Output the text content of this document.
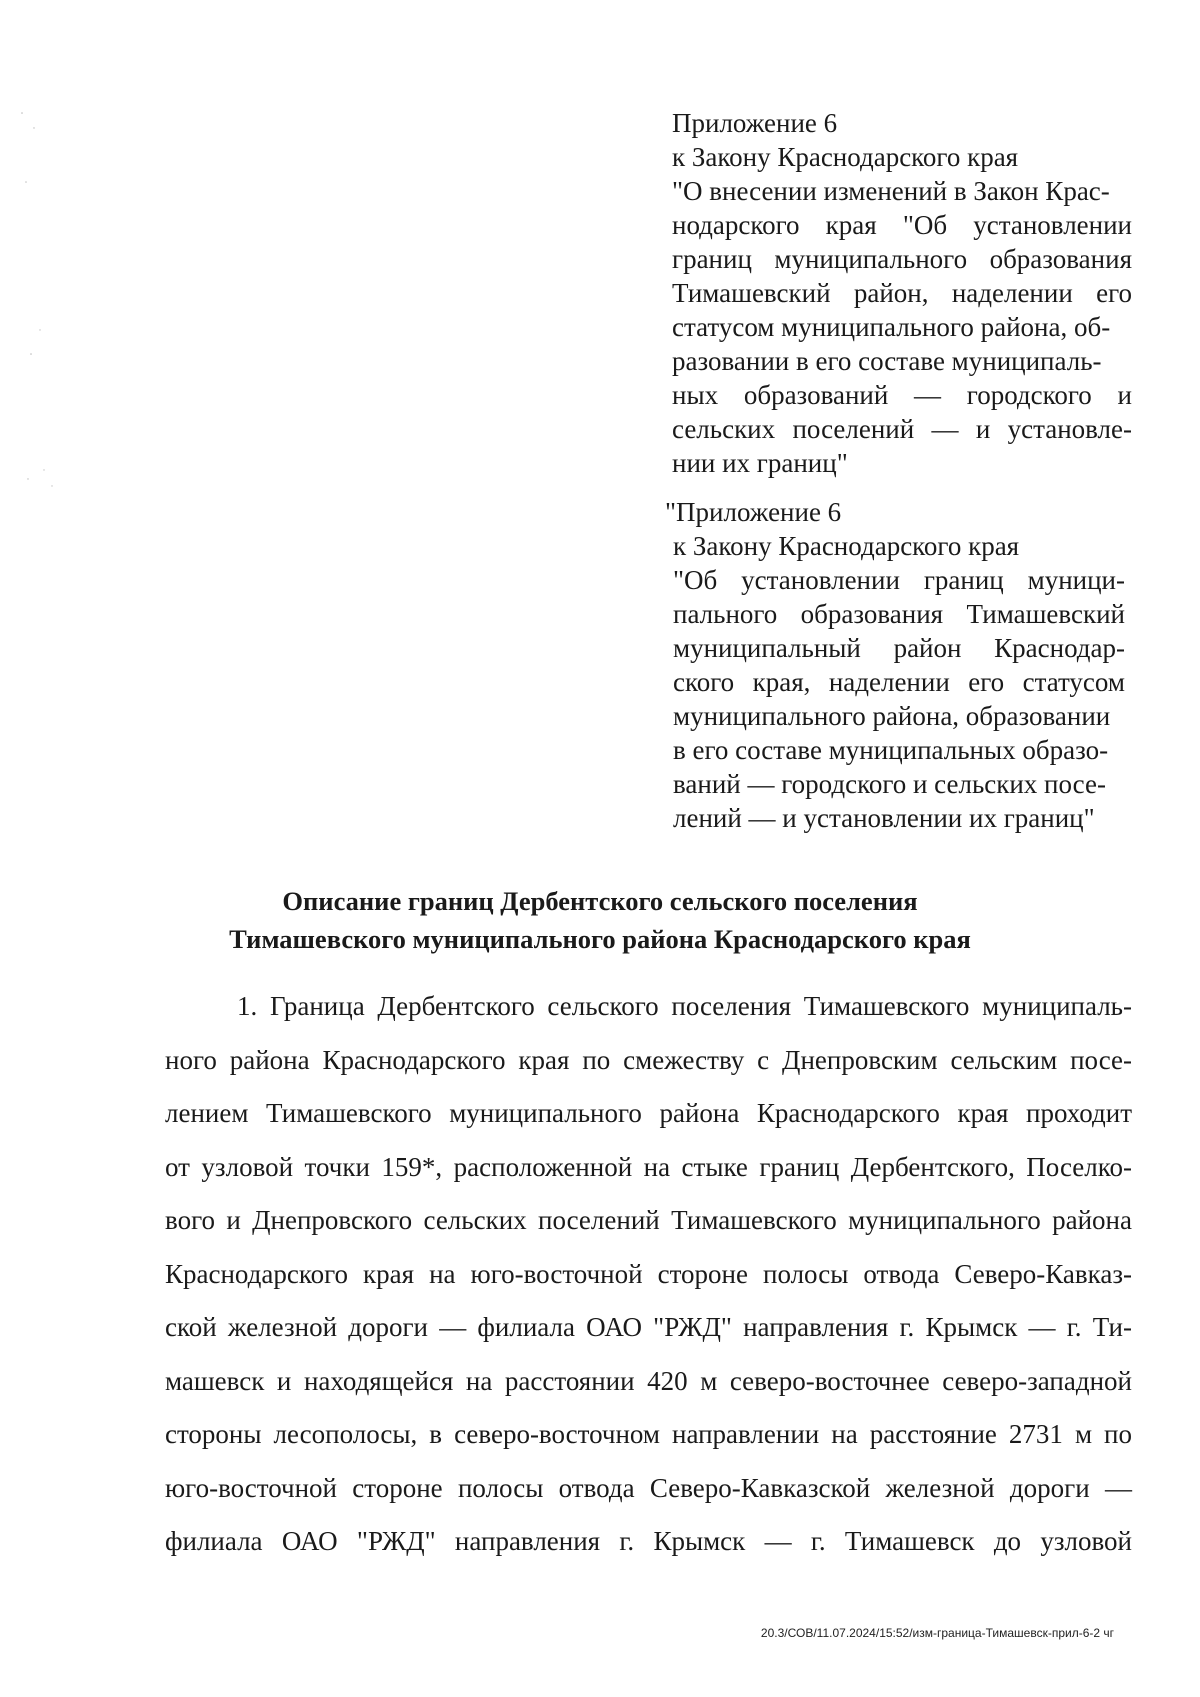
Приложение 6
к Закону Краснодарского края
"О внесении изменений в Закон Крас-
нодарского края "Об установлении
границ муниципального образования
Тимашевский район, наделении его
статусом муниципального района, об-
разовании в его составе муниципаль-
ных образований — городского и
сельских поселений — и установле-
нии их границ"
"Приложение 6
к Закону Краснодарского края
"Об установлении границ муници-
пального образования Тимашевский
муниципальный район Краснодар-
ского края, наделении его статусом
муниципального района, образовании
в его составе муниципальных образо-
ваний — городского и сельских посе-
лений — и установлении их границ"
Описание границ Дербентского сельского поселения
Тимашевского муниципального района Краснодарского края
1. Граница Дербентского сельского поселения Тимашевского муниципаль-
ного района Краснодарского края по смежеству с Днепровским сельским посе-
лением Тимашевского муниципального района Краснодарского края проходит
от узловой точки 159*, расположенной на стыке границ Дербентского, Поселко-
вого и Днепровского сельских поселений Тимашевского муниципального района
Краснодарского края на юго-восточной стороне полосы отвода Северо-Кавказ-
ской железной дороги — филиала ОАО "РЖД" направления г. Крымск — г. Ти-
машевск и находящейся на расстоянии 420 м северо-восточнее северо-западной
стороны лесополосы, в северо-восточном направлении на расстояние 2731 м по
юго-восточной стороне полосы отвода Северо-Кавказской железной дороги —
филиала ОАО "РЖД" направления г. Крымск — г. Тимашевск до узловой
20.3/СОВ/11.07.2024/15:52/изм-граница-Тимашевск-прил-6-2 чг
